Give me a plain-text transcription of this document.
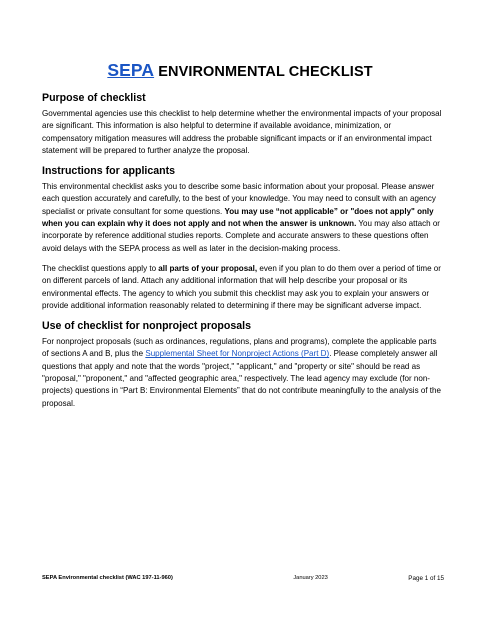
SEPA ENVIRONMENTAL CHECKLIST
Purpose of checklist

Governmental agencies use this checklist to help determine whether the environmental impacts of your proposal are significant. This information is also helpful to determine if available avoidance, minimization, or compensatory mitigation measures will address the probable significant impacts or if an environmental impact statement will be prepared to further analyze the proposal.

Instructions for applicants

This environmental checklist asks you to describe some basic information about your proposal. Please answer each question accurately and carefully, to the best of your knowledge. You may need to consult with an agency specialist or private consultant for some questions. You may use “not applicable” or "does not apply" only when you can explain why it does not apply and not when the answer is unknown. You may also attach or incorporate by reference additional studies reports. Complete and accurate answers to these questions often avoid delays with the SEPA process as well as later in the decision-making process.

The checklist questions apply to all parts of your proposal, even if you plan to do them over a period of time or on different parcels of land. Attach any additional information that will help describe your proposal or its environmental effects. The agency to which you submit this checklist may ask you to explain your answers or provide additional information reasonably related to determining if there may be significant adverse impact.

Use of checklist for nonproject proposals

For nonproject proposals (such as ordinances, regulations, plans and programs), complete the applicable parts of sections A and B, plus the Supplemental Sheet for Nonproject Actions (Part D). Please completely answer all questions that apply and note that the words "project," "applicant," and "property or site" should be read as "proposal," "proponent," and "affected geographic area," respectively. The lead agency may exclude (for non-projects) questions in “Part B: Environmental Elements” that do not contribute meaningfully to the analysis of the proposal.

SEPA Environmental checklist (WAC 197-11-960)	January 2023	Page 1 of 15
